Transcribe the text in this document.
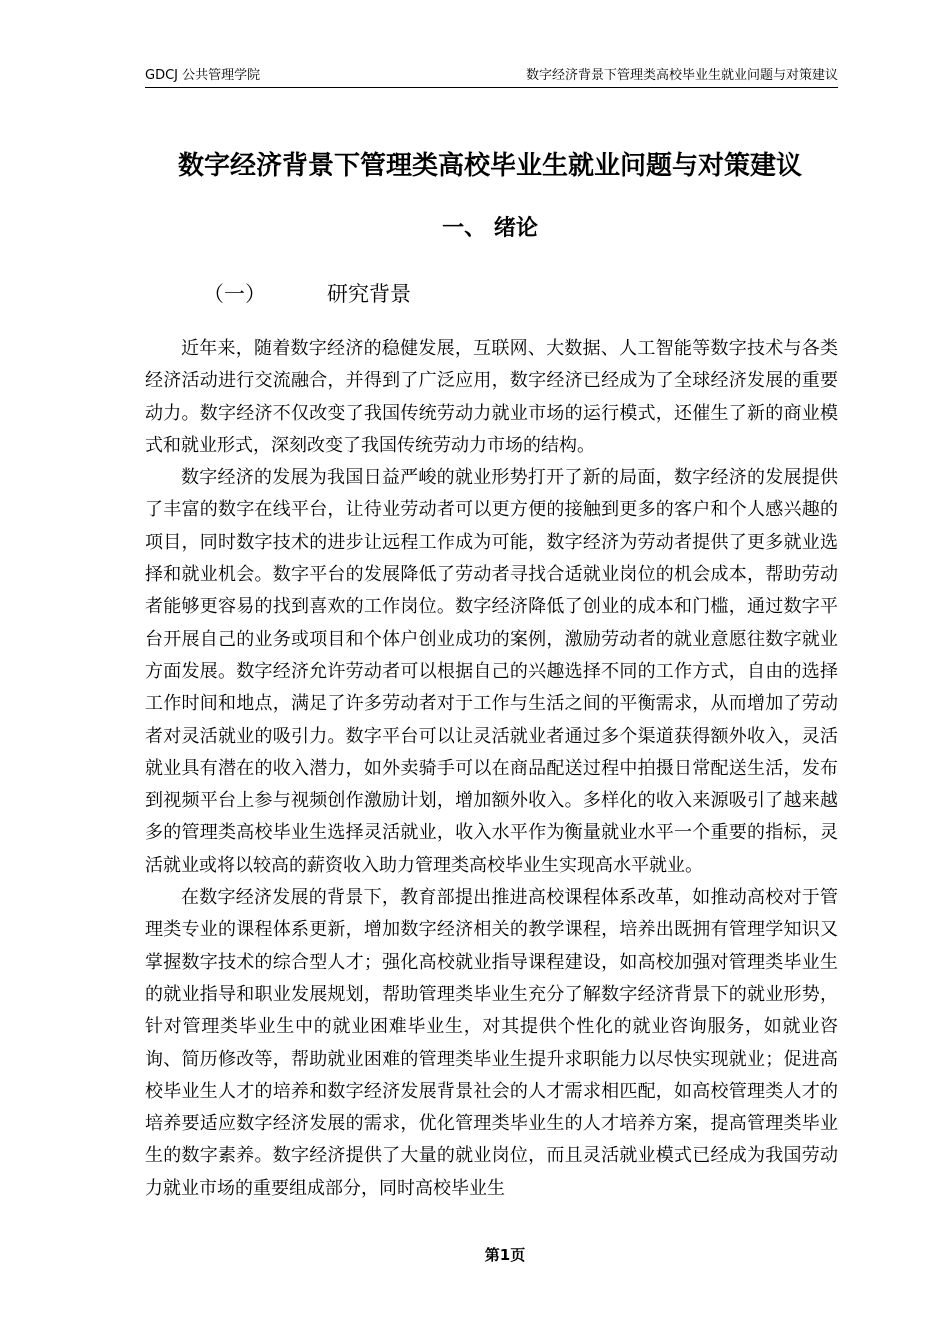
GDCJ 公共管理学院	数字经济背景下管理类高校毕业生就业问题与对策建议
数字经济背景下管理类高校毕业生就业问题与对策建议
一、 绪论
（一）	研究背景

近年来，随着数字经济的稳健发展，互联网、大数据、人工智能等数字技术与各类经济活动进行交流融合，并得到了广泛应用，数字经济已经成为了全球经济发展的重要动力。数字经济不仅改变了我国传统劳动力就业市场的运行模式，还催生了新的商业模式和就业形式，深刻改变了我国传统劳动力市场的结构。

数字经济的发展为我国日益严峻的就业形势打开了新的局面，数字经济的发展提供了丰富的数字在线平台，让待业劳动者可以更方便的接触到更多的客户和个人感兴趣的项目，同时数字技术的进步让远程工作成为可能，数字经济为劳动者提供了更多就业选择和就业机会。数字平台的发展降低了劳动者寻找合适就业岗位的机会成本，帮助劳动者能够更容易的找到喜欢的工作岗位。数字经济降低了创业的成本和门槛，通过数字平台开展自己的业务或项目和个体户创业成功的案例，激励劳动者的就业意愿往数字就业方面发展。数字经济允许劳动者可以根据自己的兴趣选择不同的工作方式，自由的选择工作时间和地点，满足了许多劳动者对于工作与生活之间的平衡需求，从而增加了劳动者对灵活就业的吸引力。数字平台可以让灵活就业者通过多个渠道获得额外收入，灵活就业具有潜在的收入潜力，如外卖骑手可以在商品配送过程中拍摄日常配送生活，发布到视频平台上参与视频创作激励计划，增加额外收入。多样化的收入来源吸引了越来越多的管理类高校毕业生选择灵活就业，收入水平作为衡量就业水平一个重要的指标，灵活就业或将以较高的薪资收入助力管理类高校毕业生实现高水平就业。

在数字经济发展的背景下，教育部提出推进高校课程体系改革，如推动高校对于管理类专业的课程体系更新，增加数字经济相关的教学课程，培养出既拥有管理学知识又掌握数字技术的综合型人才；强化高校就业指导课程建设，如高校加强对管理类毕业生的就业指导和职业发展规划，帮助管理类毕业生充分了解数字经济背景下的就业形势，针对管理类毕业生中的就业困难毕业生，对其提供个性化的就业咨询服务，如就业咨询、简历修改等，帮助就业困难的管理类毕业生提升求职能力以尽快实现就业；促进高校毕业生人才的培养和数字经济发展背景社会的人才需求相匹配，如高校管理类人才的培养要适应数字经济发展的需求，优化管理类毕业生的人才培养方案，提高管理类毕业生的数字素养。数字经济提供了大量的就业岗位，而且灵活就业模式已经成为我国劳动力就业市场的重要组成部分，同时高校毕业生

第1页
